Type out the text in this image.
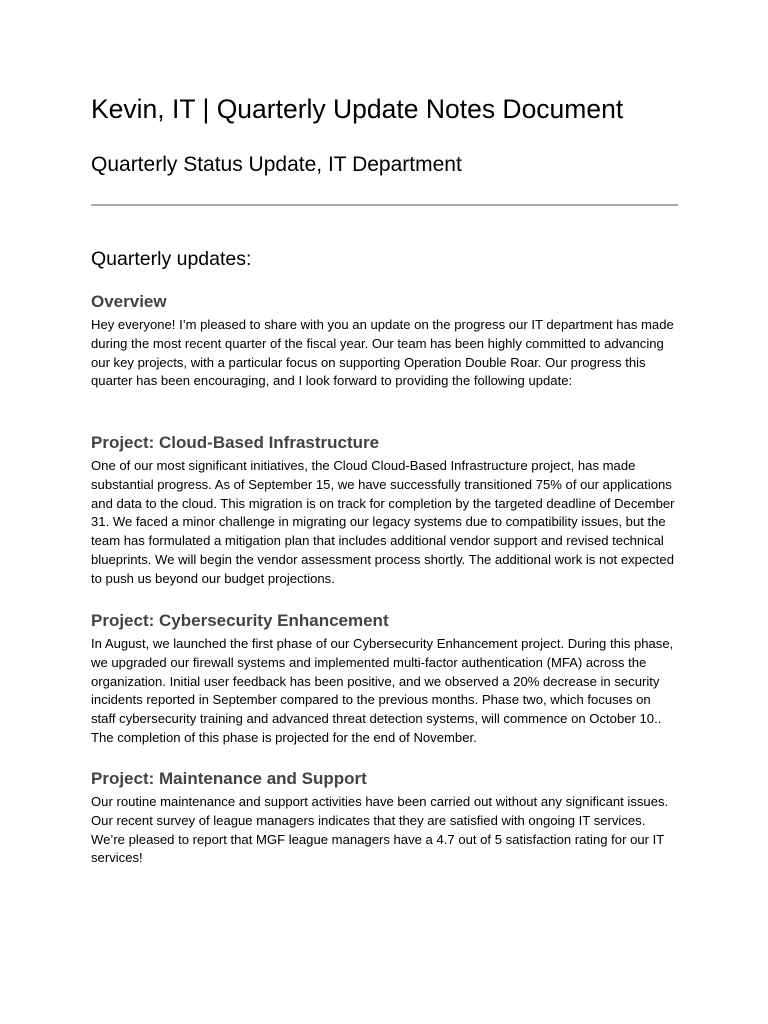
Kevin, IT | Quarterly Update Notes Document
Quarterly Status Update, IT Department
Quarterly updates:
Overview

Hey everyone! I’m pleased to share with you an update on the progress our IT department has made during the most recent quarter of the fiscal year. Our team has been highly committed to advancing our key projects, with a particular focus on supporting Operation Double Roar. Our progress this quarter has been encouraging, and I look forward to providing the following update:

Project: Cloud-Based Infrastructure

One of our most significant initiatives, the Cloud Cloud-Based Infrastructure project, has made substantial progress. As of September 15, we have successfully transitioned 75% of our applications and data to the cloud. This migration is on track for completion by the targeted deadline of December 31. We faced a minor challenge in migrating our legacy systems due to compatibility issues, but the team has formulated a mitigation plan that includes additional vendor support and revised technical blueprints. We will begin the vendor assessment process shortly. The additional work is not expected to push us beyond our budget projections.

Project: Cybersecurity Enhancement

In August, we launched the first phase of our Cybersecurity Enhancement project. During this phase, we upgraded our firewall systems and implemented multi-factor authentication (MFA) across the organization. Initial user feedback has been positive, and we observed a 20% decrease in security incidents reported in September compared to the previous months. Phase two, which focuses on staff cybersecurity training and advanced threat detection systems, will commence on October 10.. The completion of this phase is projected for the end of November.

Project: Maintenance and Support

Our routine maintenance and support activities have been carried out without any significant issues. Our recent survey of league managers indicates that they are satisfied with ongoing IT services. We’re pleased to report that MGF league managers have a 4.7 out of 5 satisfaction rating for our IT services!
